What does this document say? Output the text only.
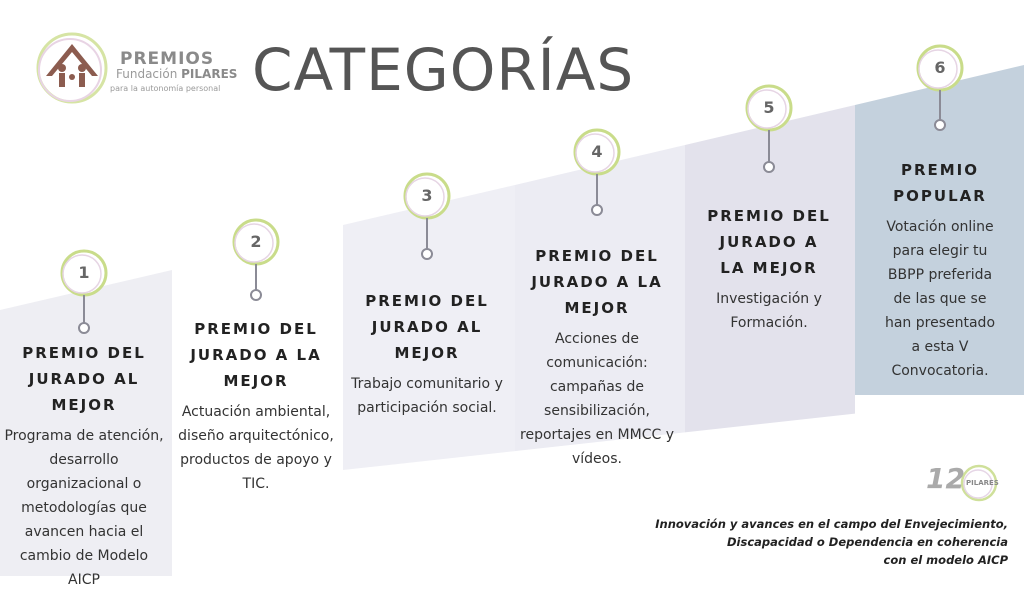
PREMIOS
Fundación PILARES
para la autonomía personal CATEGORÍAS
1
PREMIO DEL
JURADO AL
MEJOR
Programa de atención,
desarrollo
organizacional o
metodologías que
avancen hacia el
cambio de Modelo
AICP
2
PREMIO DEL
JURADO A LA
MEJOR
Actuación ambiental,
diseño arquitectónico,
productos de apoyo y
TIC.
3
PREMIO DEL
JURADO AL
MEJOR
Trabajo comunitario y
participación social.
4
PREMIO DEL
JURADO A LA
MEJOR
Acciones de
comunicación:
campañas de
sensibilización,
reportajes en MMCC y
vídeos.
5
PREMIO DEL
JURADO A
LA MEJOR
Investigación y
Formación.
6
PREMIO
POPULAR
Votación online
para elegir tu
BBPP preferida
de las que se
han presentado
a esta V
Convocatoria.
12 PILARES
Innovación y avances en el campo del Envejecimiento,
Discapacidad o Dependencia en coherencia
con el modelo AICP
